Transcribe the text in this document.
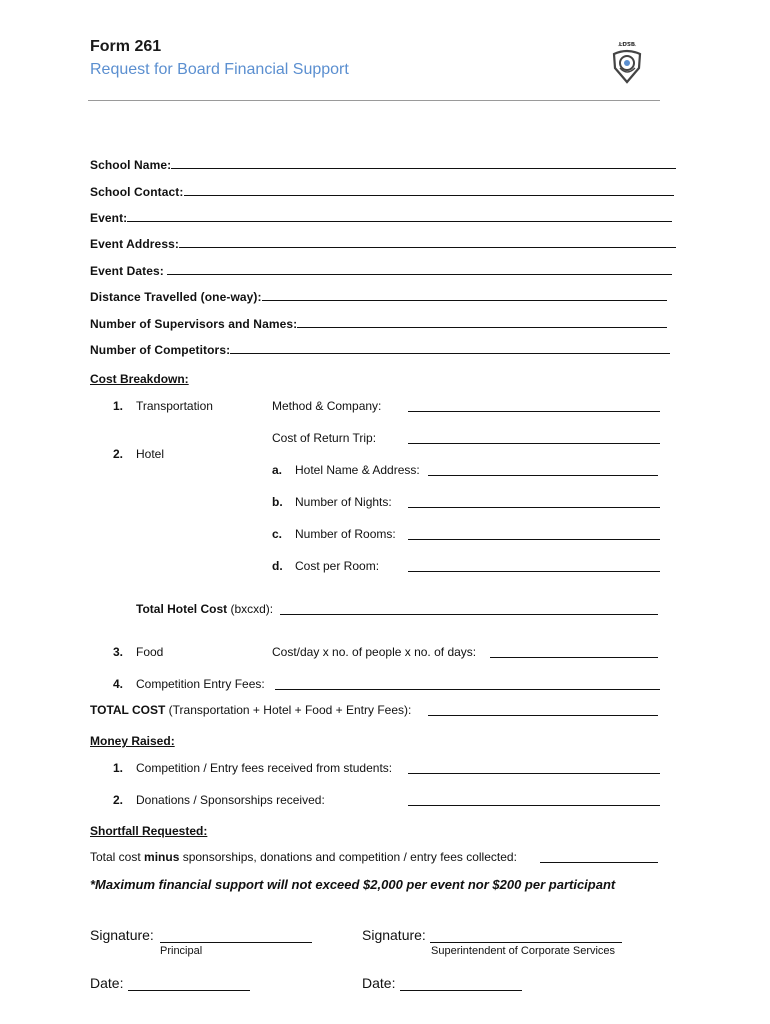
Form 261
Request for Board Financial Support
LDSB
School Name:
School Contact:
Event:
Event Address:
Event Dates:
Distance Travelled (one-way):
Number of Supervisors and Names:
Number of Competitors:
Cost Breakdown:
1. Transportation	Method & Company:
Cost of Return Trip:
2. Hotel
a. Hotel Name & Address:
b. Number of Nights:
c. Number of Rooms:
d. Cost per Room:
Total Hotel Cost (bxcxd):
3. Food	Cost/day x no. of people x no. of days:
4. Competition Entry Fees:
TOTAL COST (Transportation + Hotel + Food + Entry Fees):
Money Raised:
1. Competition / Entry fees received from students:
2. Donations / Sponsorships received:
Shortfall Requested:
Total cost minus sponsorships, donations and competition / entry fees collected:
*Maximum financial support will not exceed $2,000 per event nor $200 per participant
Signature:
Principal
Signature:
Superintendent of Corporate Services
Date:	Date:
